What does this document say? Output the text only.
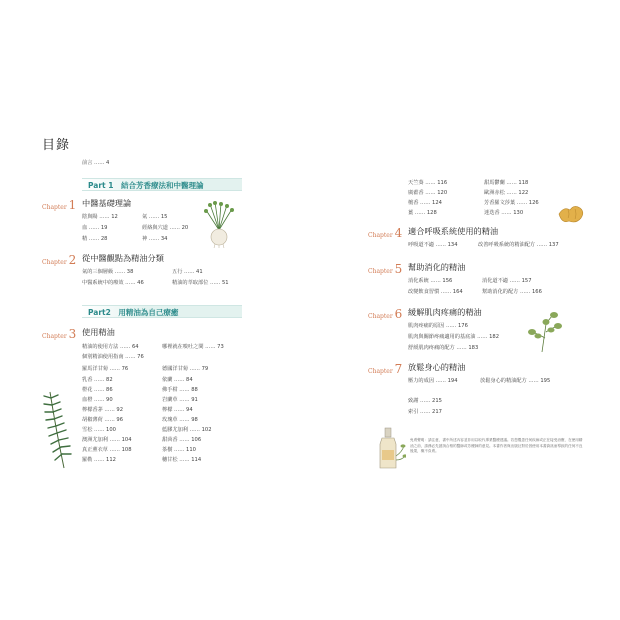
目錄
前言 …… 4
Part 1　結合芳香療法和中醫理論
Chapter 1 中醫基礎理論
陰與陽 …… 12	氣 …… 15
血 …… 19	經絡與穴道 …… 20
精 …… 28	神 …… 34
Chapter 2 從中醫觀點為精油分類
氣的三個層級 …… 38	五行 …… 41
中醫系統中的療效 …… 46	精油的萃取部位 …… 51
Part2　用精油為自己療癒
Chapter 3 使用精油
精油的使用方法 …… 64	哪裡就在嗅吐之間 …… 73
個別精油使用指南 …… 76
羅馬洋甘菊 …… 76	德國洋甘菊 …… 79
乳香 …… 82	依蘭 …… 84
橙花 …… 86	佛手柑 …… 88
血橙 …… 90	岩蘭草 …… 91
檸檬香茅 …… 92	檸檬 …… 94
胡椒薄荷 …… 96	玫瑰草 …… 98
雪松 …… 100	藍膠尤加利 …… 102
澳洲尤加利 …… 104	甜茴香 …… 106
真正薰衣草 …… 108	茶樹 …… 110
羅勒 …… 112	穗甘松 …… 114
天竺葵 …… 116	甜馬鬱蘭 …… 118
廣藿香 …… 120	歐洲赤松 …… 122
檀香 …… 124	芳香羅文莎葉 …… 126
薑 …… 128	迷迭香 …… 130
Chapter 4 適合呼吸系統使用的精油
呼吸道不適 …… 134	改善呼吸系統的精油配方 …… 137
Chapter 5 幫助消化的精油
消化系統 …… 156	消化道不適 …… 157
改變飲食習慣 …… 164	幫助消化的配方 …… 166
Chapter 6 緩解肌肉疼痛的精油
肌肉疼痛的原因 …… 176
肌肉與關節疼痛適用的基底油 …… 182
舒緩肌肉疼痛的配方 …… 183
Chapter 7 放鬆身心的精油
壓力的成因 …… 194	放鬆身心的精油配方 …… 195
致謝 …… 215
索引 …… 217
免責聲明：請注意，書中所述內容並非用以取代專業醫療建議。若您罹患任何疾病或正在接受治療，在使用精油之前，請務必先諮詢合格的醫師或芳療師的意見。本書作者與出版社對於因使用本書資訊而導致的任何不良後果，概不負責。
